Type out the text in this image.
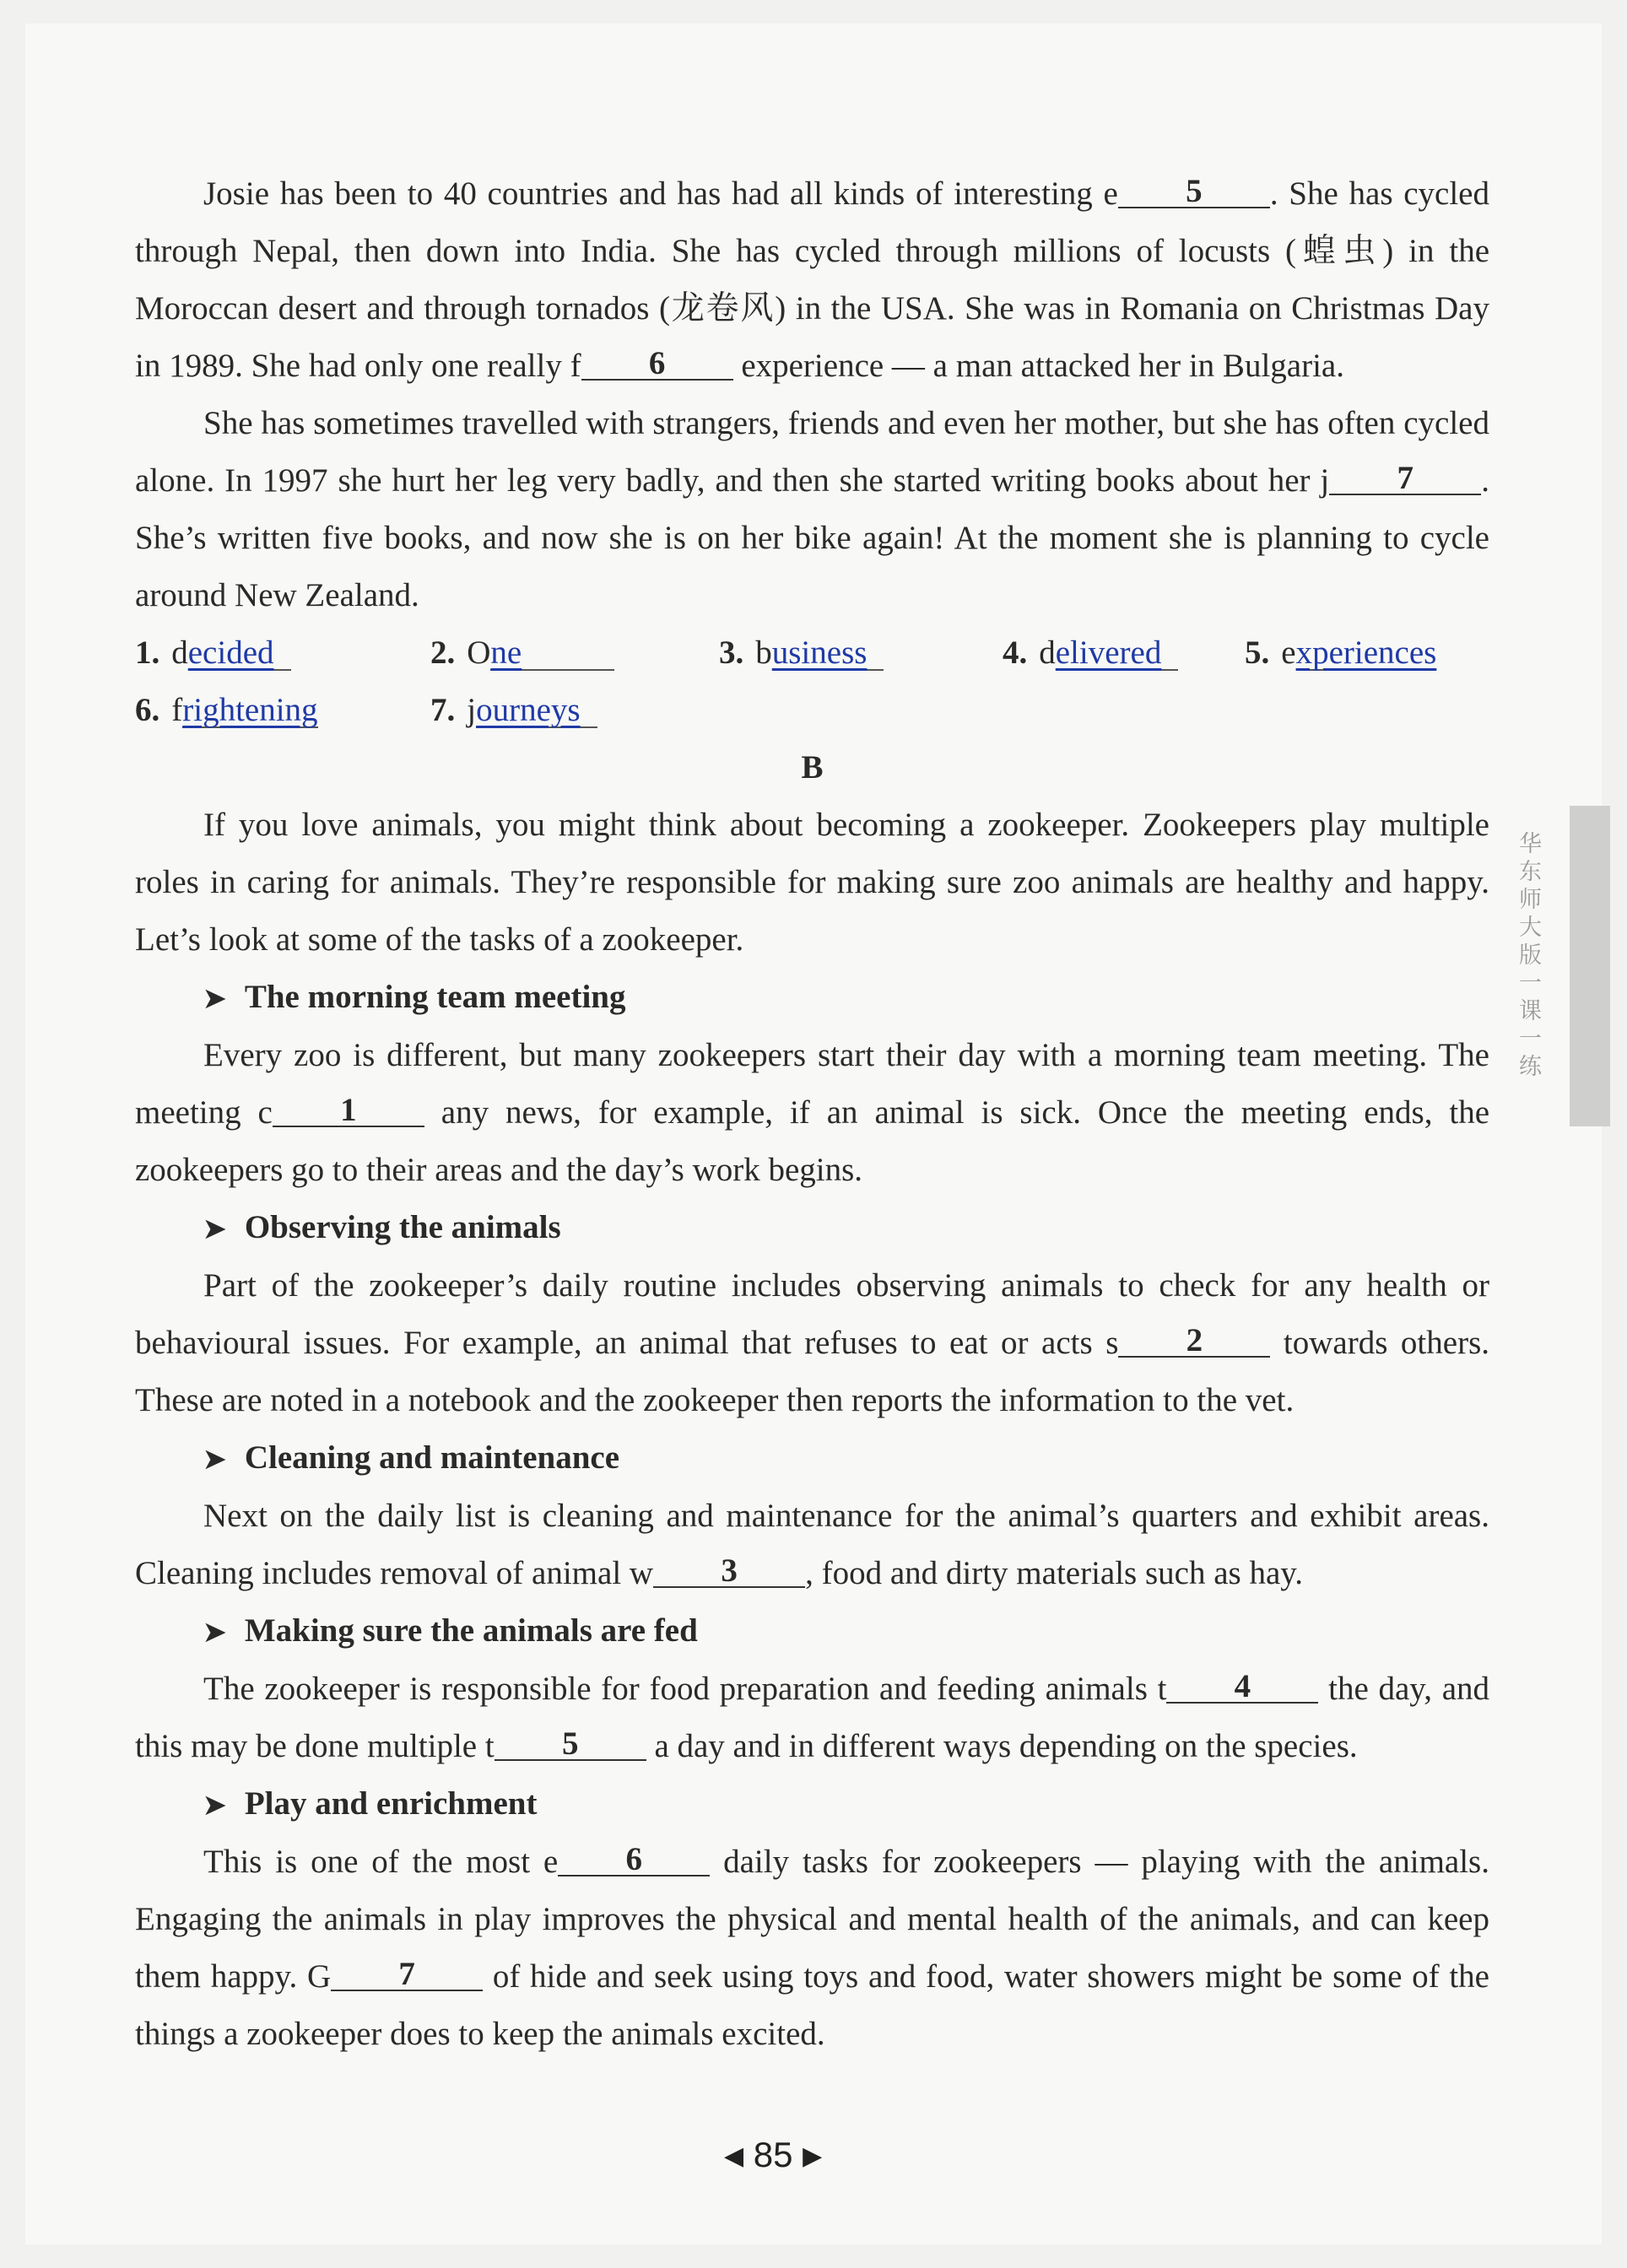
Josie has been to 40 countries and has had all kinds of interesting e 5 . She has cycled through Nepal, then down into India. She has cycled through millions of locusts (蝗虫) in the Moroccan desert and through tornados (龙卷风) in the USA. She was in Romania on Christmas Day in 1989. She had only one really f 6 experience — a man attacked her in Bulgaria.

She has sometimes travelled with strangers, friends and even her mother, but she has often cycled alone. In 1997 she hurt her leg very badly, and then she started writing books about her j 7 . She’s written five books, and now she is on her bike again! At the moment she is planning to cycle around New Zealand.

1. decided	2. One	3. business	4. delivered	5. experiences
6. frightening	7. journeys
B

If you love animals, you might think about becoming a zookeeper. Zookeepers play multiple roles in caring for animals. They’re responsible for making sure zoo animals are healthy and happy. Let’s look at some of the tasks of a zookeeper.

➤ The morning team meeting

Every zoo is different, but many zookeepers start their day with a morning team meeting. The meeting c 1 any news, for example, if an animal is sick. Once the meeting ends, the zookeepers go to their areas and the day’s work begins.

➤ Observing the animals

Part of the zookeeper’s daily routine includes observing animals to check for any health or behavioural issues. For example, an animal that refuses to eat or acts s 2 towards others. These are noted in a notebook and the zookeeper then reports the information to the vet.

➤ Cleaning and maintenance

Next on the daily list is cleaning and maintenance for the animal’s quarters and exhibit areas. Cleaning includes removal of animal w 3 , food and dirty materials such as hay.

➤ Making sure the animals are fed

The zookeeper is responsible for food preparation and feeding animals t 4 the day, and this may be done multiple t 5 a day and in different ways depending on the species.

➤ Play and enrichment

This is one of the most e 6 daily tasks for zookeepers — playing with the animals. Engaging the animals in play improves the physical and mental health of the animals, and can keep them happy. G 7 of hide and seek using toys and food, water showers might be some of the things a zookeeper does to keep the animals excited.

华东师大版一课一练
◀ 85 ▶
